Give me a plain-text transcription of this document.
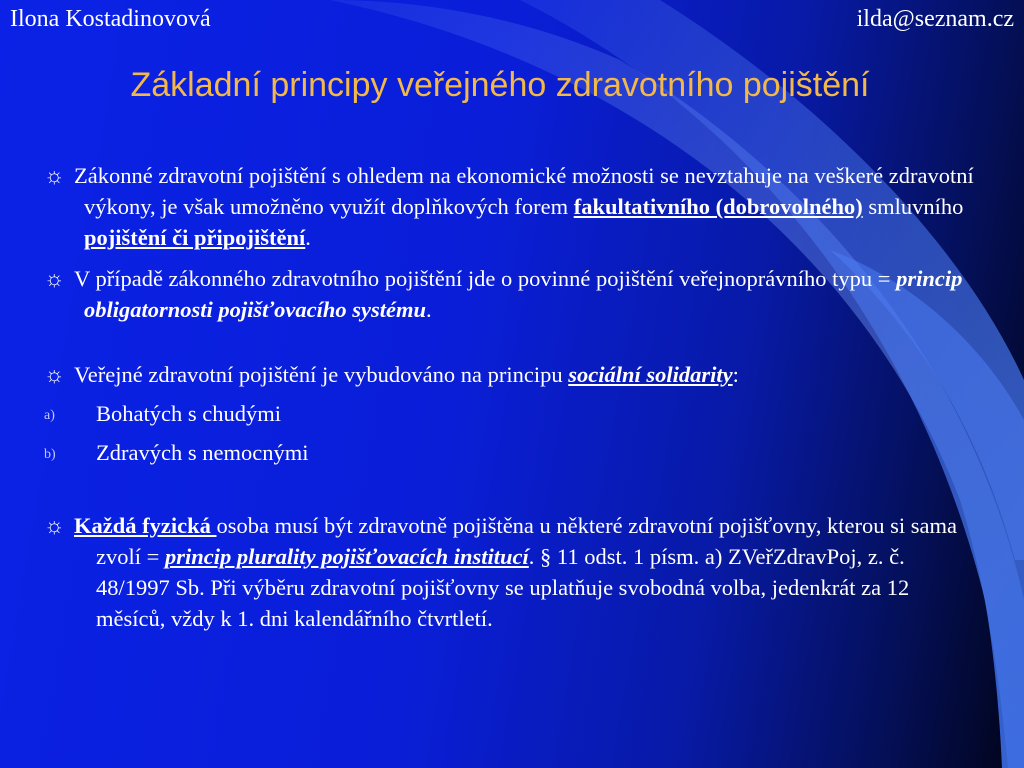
Ilona Kostadinovová	ilda@seznam.cz
Základní principy veřejného zdravotního pojištění

☼ Zákonné zdravotní pojištění s ohledem na ekonomické možnosti se nevztahuje na veškeré zdravotní výkony, je však umožněno využít doplňkových forem fakultativního (dobrovolného) smluvního pojištění či připojištění.

☼ V případě zákonného zdravotního pojištění jde o povinné pojištění veřejnoprávního typu = princip obligatornosti pojišťovacího systému.

☼ Veřejné zdravotní pojištění je vybudováno na principu sociální solidarity:

a) Bohatých s chudými

b) Zdravých s nemocnými

☼ Každá fyzická osoba musí být zdravotně pojištěna u některé zdravotní pojišťovny, kterou si sama zvolí = princip plurality pojišťovacích institucí. § 11 odst. 1 písm. a) ZVeřZdravPoj, z. č. 48/1997 Sb. Při výběru zdravotní pojišťovny se uplatňuje svobodná volba, jedenkrát za 12 měsíců, vždy k 1. dni kalendářního čtvrtletí.
